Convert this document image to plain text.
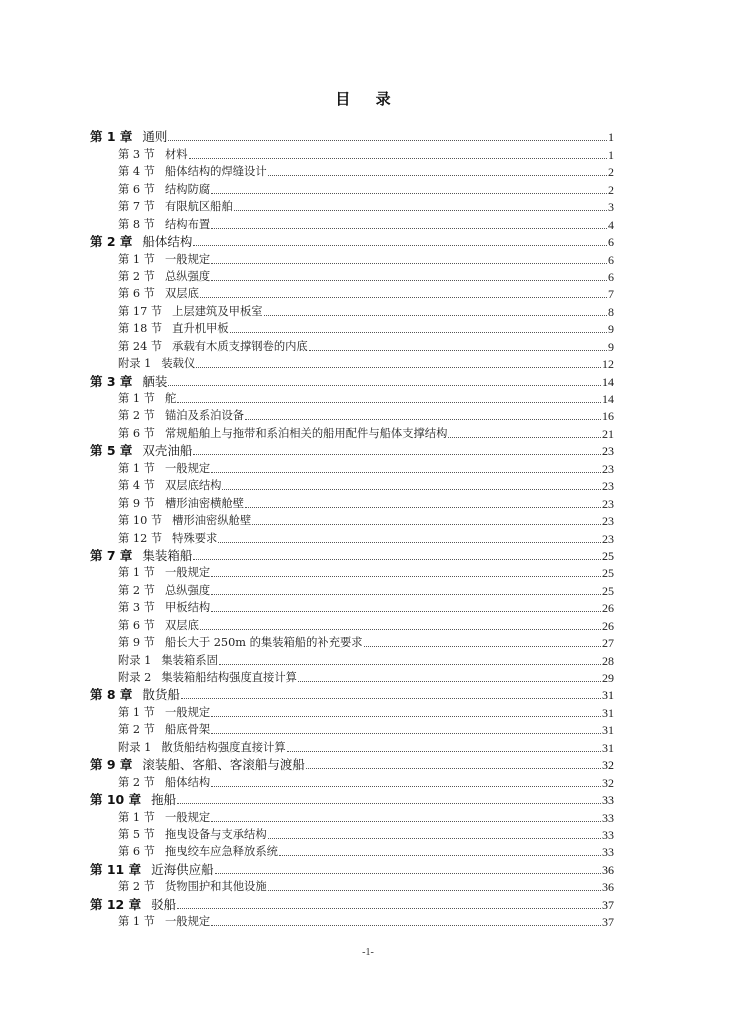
目 录
第 1 章 通则	1
第 3 节 材料	1
第 4 节 船体结构的焊缝设计	2
第 6 节 结构防腐	2
第 7 节 有限航区船舶	3
第 8 节 结构布置	4
第 2 章 船体结构	6
第 1 节 一般规定	6
第 2 节 总纵强度	6
第 6 节 双层底	7
第 17 节 上层建筑及甲板室	8
第 18 节 直升机甲板	9
第 24 节 承载有木质支撑钢卷的内底	9
附录 1 装载仪	12
第 3 章 舾装	14
第 1 节 舵	14
第 2 节 锚泊及系泊设备	16
第 6 节 常规船舶上与拖带和系泊相关的船用配件与船体支撑结构	21
第 5 章 双壳油船	23
第 1 节 一般规定	23
第 4 节 双层底结构	23
第 9 节 槽形油密横舱壁	23
第 10 节 槽形油密纵舱壁	23
第 12 节 特殊要求	23
第 7 章 集装箱船	25
第 1 节 一般规定	25
第 2 节 总纵强度	25
第 3 节 甲板结构	26
第 6 节 双层底	26
第 9 节 船长大于 250m 的集装箱船的补充要求	27
附录 1 集装箱系固	28
附录 2 集装箱船结构强度直接计算	29
第 8 章 散货船	31
第 1 节 一般规定	31
第 2 节 船底骨架	31
附录 1 散货船结构强度直接计算	31
第 9 章 滚装船、客船、客滚船与渡船	32
第 2 节 船体结构	32
第 10 章 拖船	33
第 1 节 一般规定	33
第 5 节 拖曳设备与支承结构	33
第 6 节 拖曳绞车应急释放系统	33
第 11 章 近海供应船	36
第 2 节 货物围护和其他设施	36
第 12 章 驳船	37
第 1 节 一般规定	37
-1-
